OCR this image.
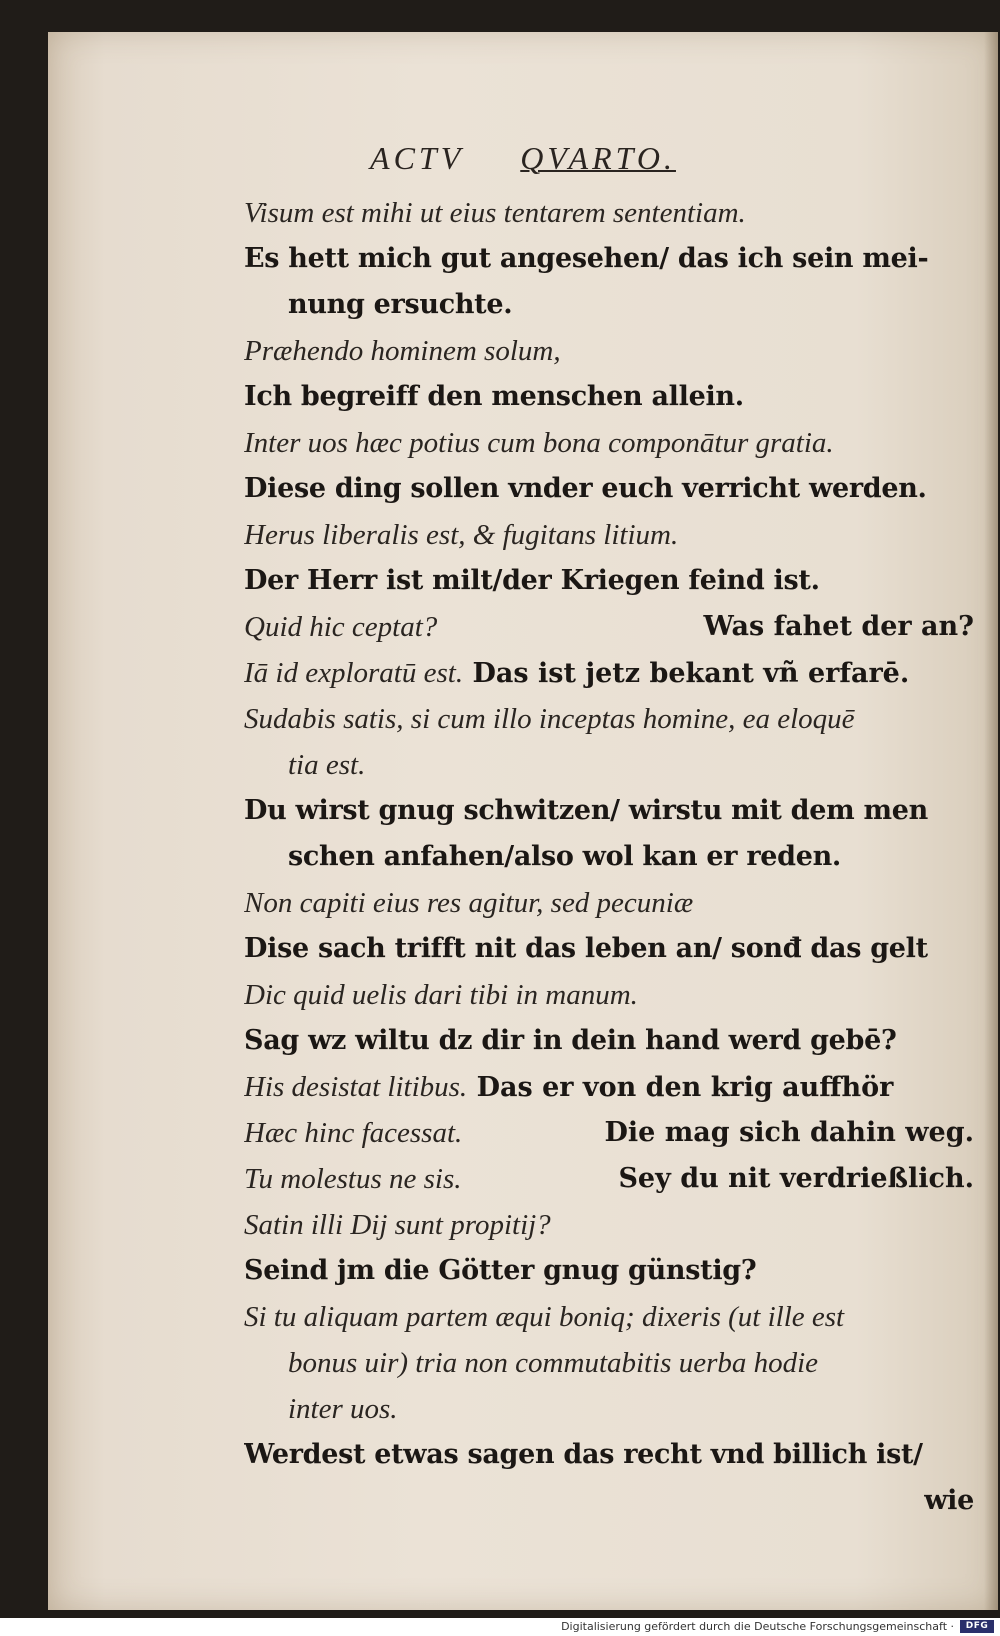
ACTV QVARTO.
Visum est mihi ut eius tentarem sententiam.
Es hett mich gut angesehen/ das ich sein mei-
nung ersuchte.
Præhendo hominem solum,
Ich begreiff den menschen allein.
Inter uos hæc potius cum bona componātur gratia.
Diese ding sollen vnder euch verricht werden.
Herus liberalis est, & fugitans litium.
Der Herr ist milt/der Kriegen feind ist.
Quid hic ceptat?	Was fahet der an?
Iā id exploratū est. Das ist jetz bekant vñ erfarē.
Sudabis satis, si cum illo inceptas homine, ea eloquē
tia est.
Du wirst gnug schwitzen/ wirstu mit dem men
schen anfahen/also wol kan er reden.
Non capiti eius res agitur, sed pecuniæ
Dise sach trifft nit das leben an/ sonđ das gelt
Dic quid uelis dari tibi in manum.
Sag wz wiltu dz dir in dein hand werd gebē?
His desistat litibus. Das er von den krig auffhör
Hæc hinc facessat.	Die mag sich dahin weg.
Tu molestus ne sis.	Sey du nit verdrießlich.
Satin illi Dij sunt propitij?
Seind jm die Götter gnug günstig?
Si tu aliquam partem æqui boniq; dixeris (ut ille est
bonus uir) tria non commutabitis uerba hodie
inter uos.
Werdest etwas sagen das recht vnd billich ist/
wie
Digitalisierung gefördert durch die Deutsche Forschungsgemeinschaft ·	DFG
